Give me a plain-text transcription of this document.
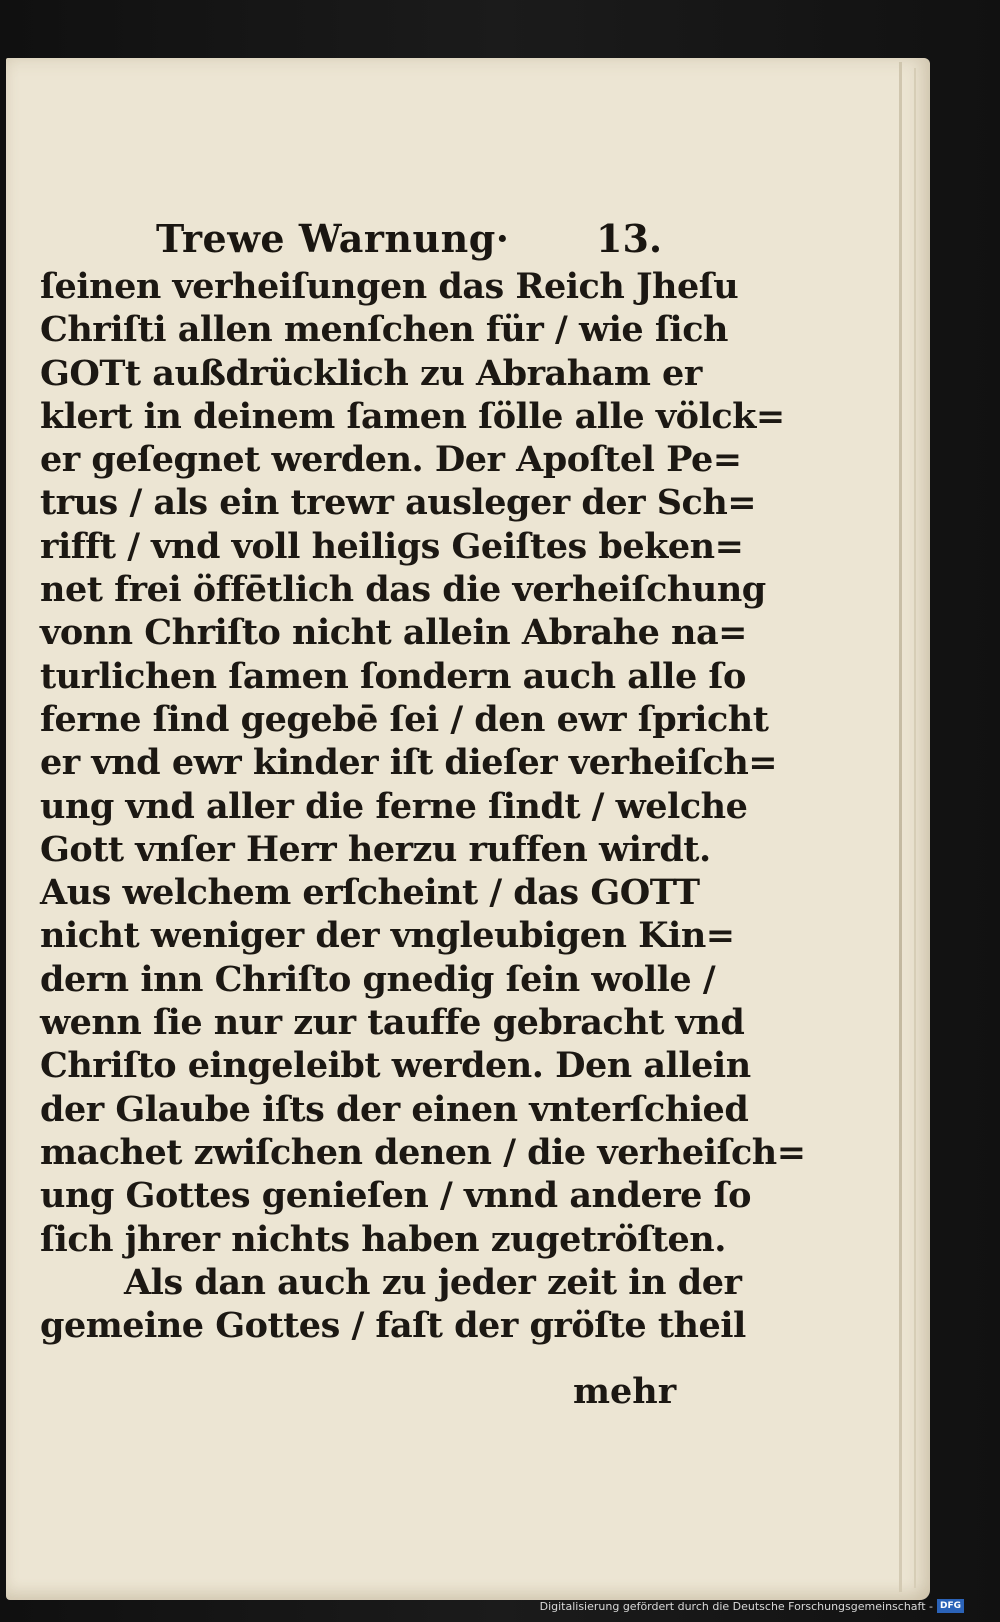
Trewe Warnung· 13.
ſeinen verheiſungen das Reich Jheſu
Chriſti allen menſchen für / wie ſich
GOTt außdrücklich zu Abraham er
klert in deinem ſamen ſölle alle völck=
er geſegnet werden. Der Apoſtel Pe=
trus / als ein trewr ausleger der Sch=
rifft / vnd voll heiligs Geiſtes beken=
net frei öffētlich das die verheiſchung
vonn Chriſto nicht allein Abrahe na=
turlichen ſamen ſondern auch alle ſo
ferne ſind gegebē ſei / den ewr ſpricht
er vnd ewr kinder iſt dieſer verheiſch=
ung vnd aller die ferne ſindt / welche
Gott vnſer Herr herzu ruffen wirdt.
Aus welchem erſcheint / das GOTT
nicht weniger der vngleubigen Kin=
dern inn Chriſto gnedig ſein wolle /
wenn ſie nur zur tauffe gebracht vnd
Chriſto eingeleibt werden. Den allein
der Glaube iſts der einen vnterſchied
machet zwiſchen denen / die verheiſch=
ung Gottes genieſen / vnnd andere ſo
ſich jhrer nichts haben zugetröſten.
Als dan auch zu jeder zeit in der
gemeine Gottes / faſt der gröſte theil
mehr
Digitalisierung gefördert durch die Deutsche Forschungsgemeinschaft - DFG
